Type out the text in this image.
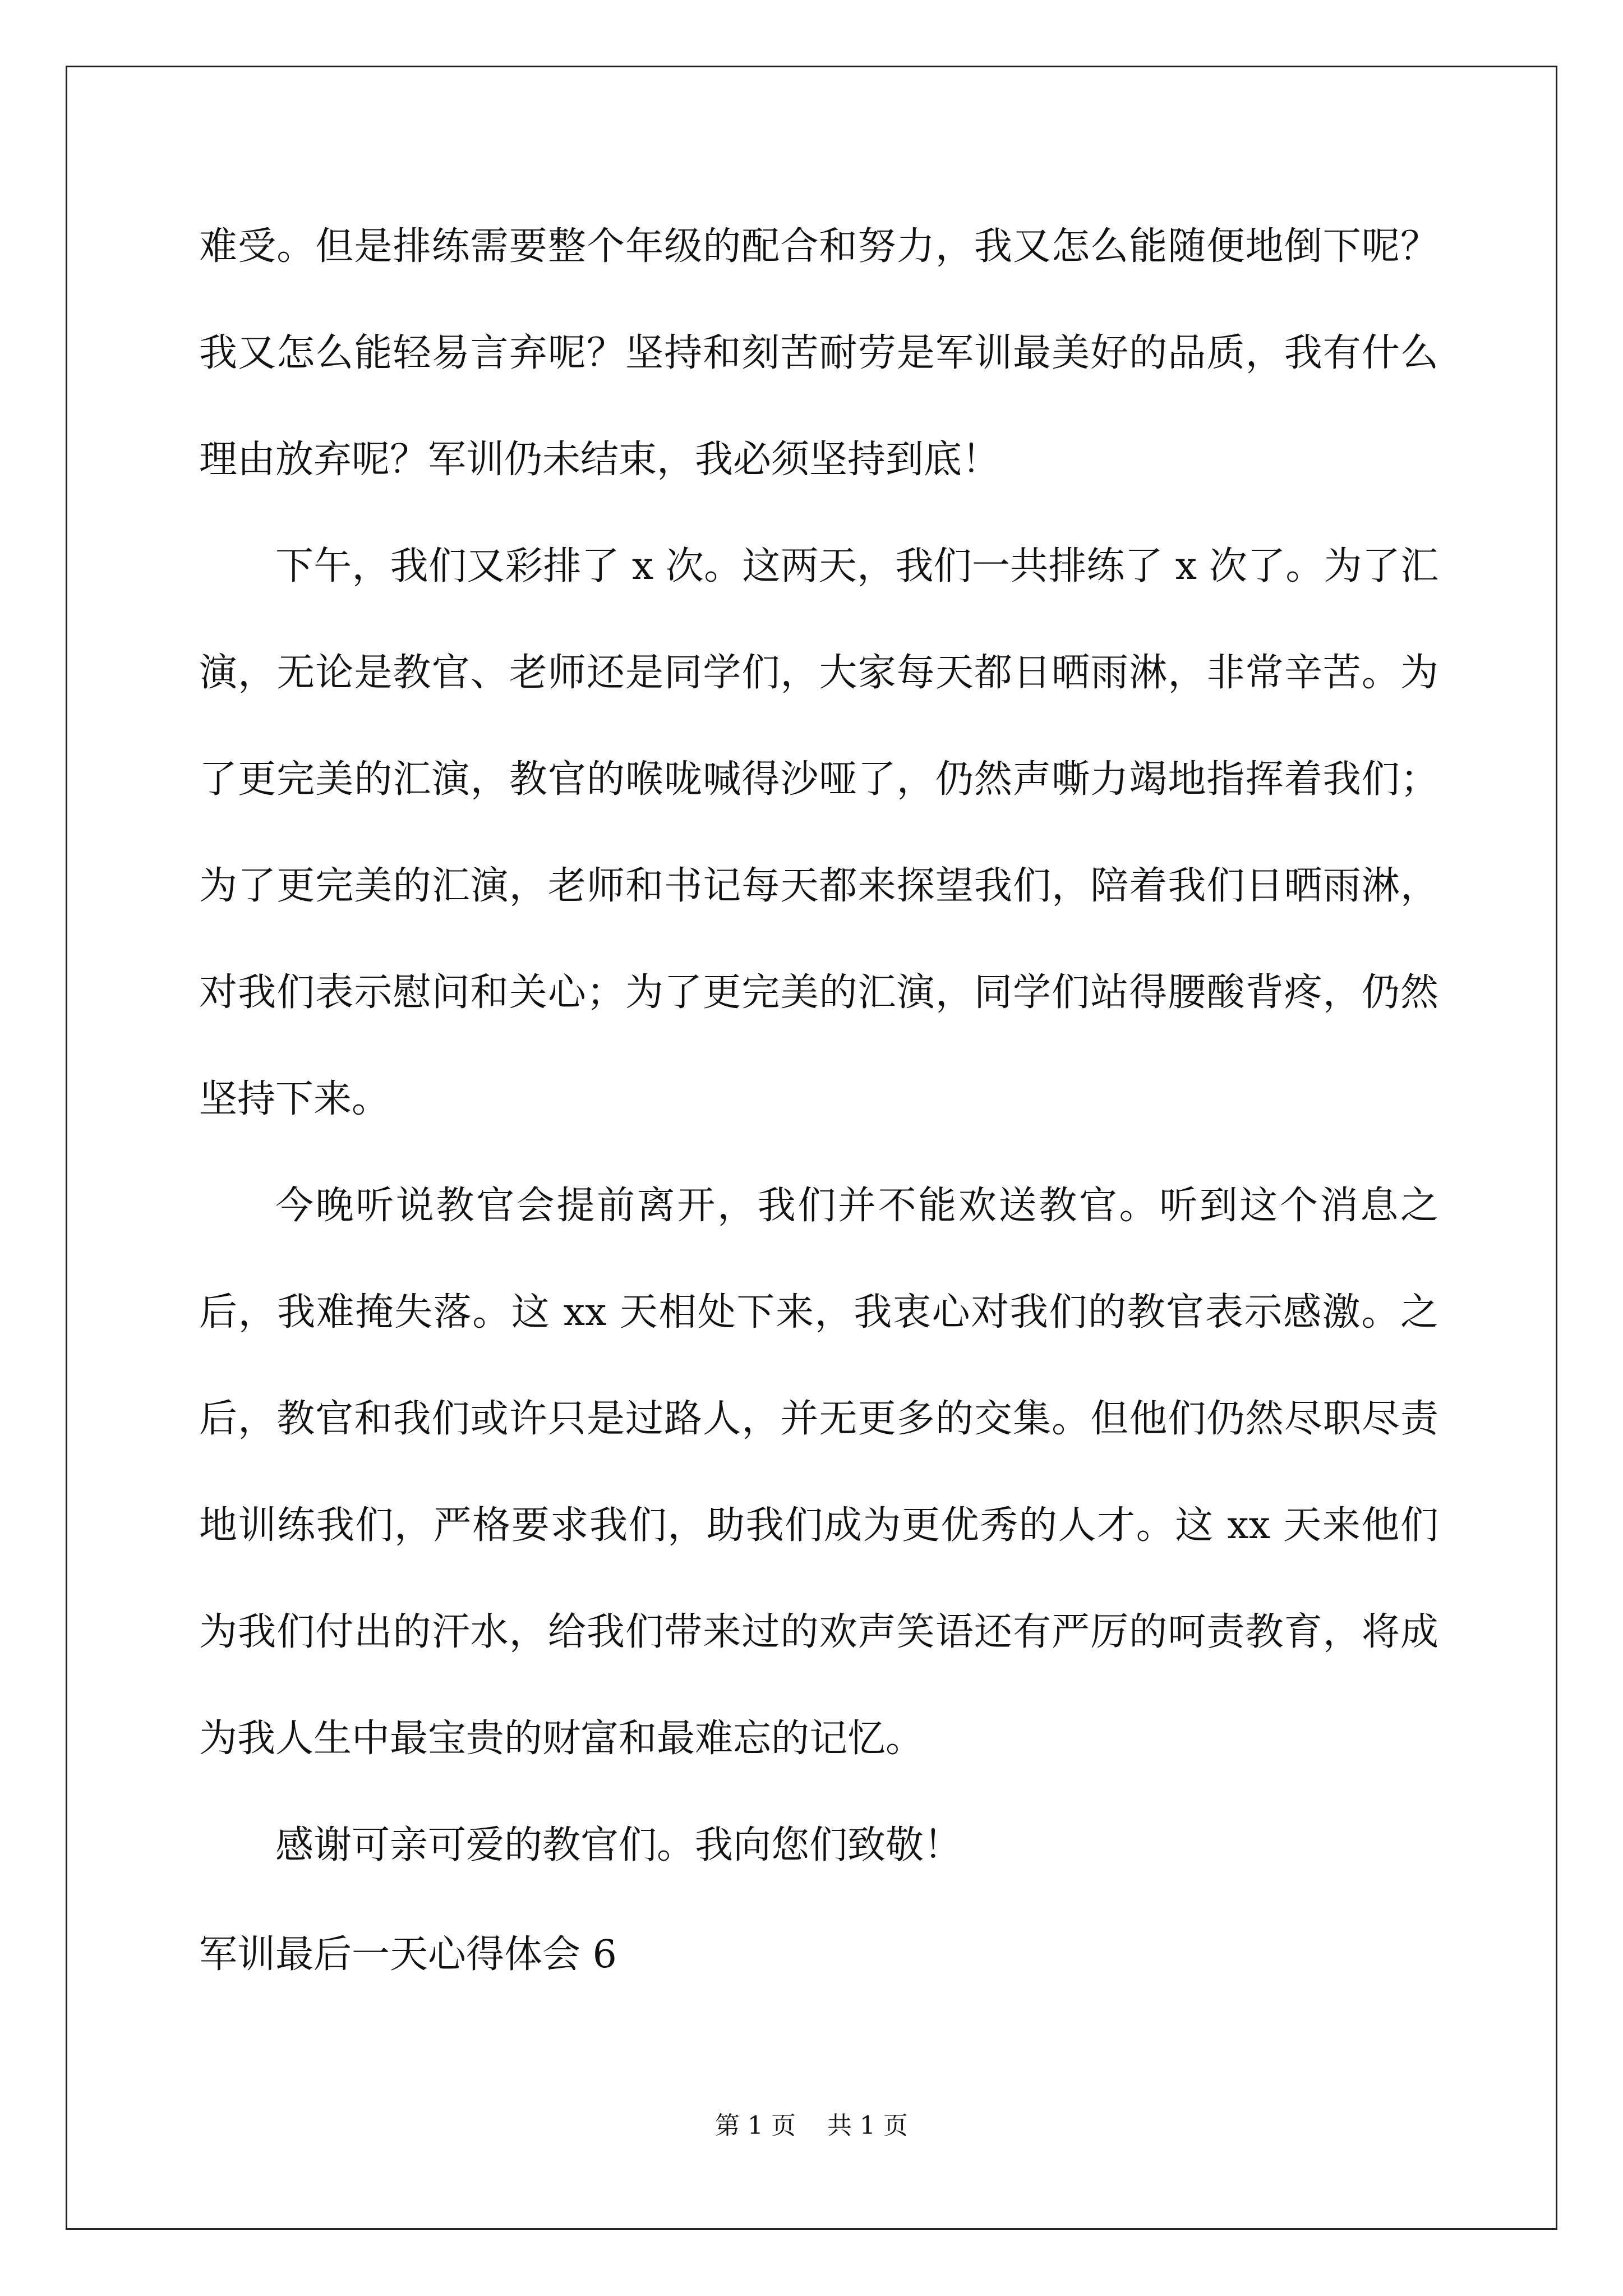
难受。但是排练需要整个年级的配合和努力，我又怎么能随便地倒下呢？我又怎么能轻易言弃呢？坚持和刻苦耐劳是军训最美好的品质，我有什么理由放弃呢？军训仍未结束，我必须坚持到底！

下午，我们又彩排了 x 次。这两天，我们一共排练了 x 次了。为了汇演，无论是教官、老师还是同学们，大家每天都日晒雨淋，非常辛苦。为了更完美的汇演，教官的喉咙喊得沙哑了，仍然声嘶力竭地指挥着我们；为了更完美的汇演，老师和书记每天都来探望我们，陪着我们日晒雨淋，对我们表示慰问和关心；为了更完美的汇演，同学们站得腰酸背疼，仍然坚持下来。

今晚听说教官会提前离开，我们并不能欢送教官。听到这个消息之后，我难掩失落。这 xx 天相处下来，我衷心对我们的教官表示感激。之后，教官和我们或许只是过路人，并无更多的交集。但他们仍然尽职尽责地训练我们，严格要求我们，助我们成为更优秀的人才。这 xx 天来他们为我们付出的汗水，给我们带来过的欢声笑语还有严厉的呵责教育，将成为我人生中最宝贵的财富和最难忘的记忆。

感谢可亲可爱的教官们。我向您们致敬！

军训最后一天心得体会 6
第 1 页    共 1 页
